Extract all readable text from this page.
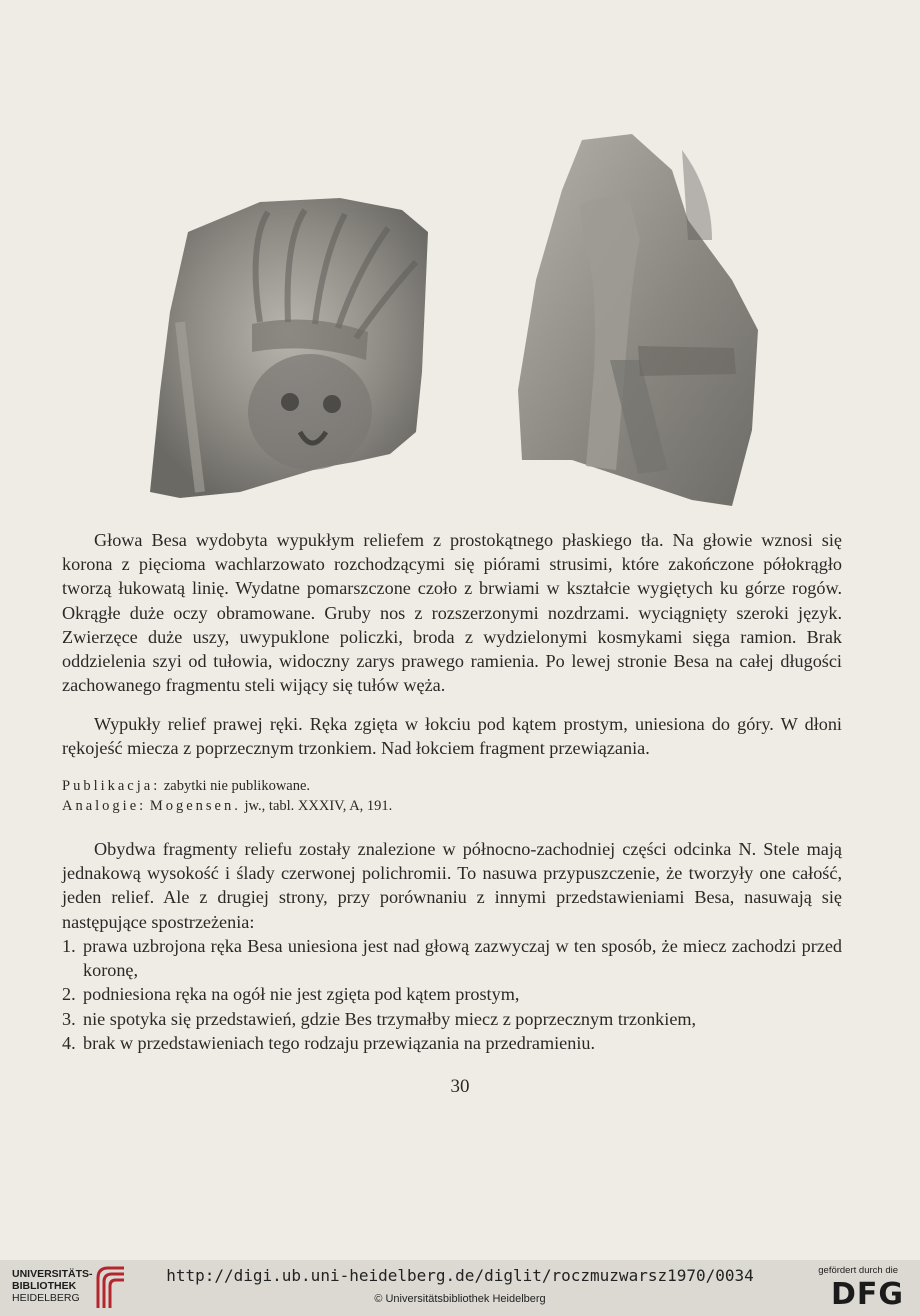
Głowa Besa wydobyta wypukłym reliefem z prostokątnego płaskiego tła. Na głowie wznosi się korona z pięcioma wachlarzowato rozchodzącymi się piórami strusimi, które zakończone półokrągło tworzą łukowatą linię. Wydatne pomarszczone czoło z brwiami w kształcie wygiętych ku górze rogów. Okrągłe duże oczy obramowane. Gruby nos z rozszerzonymi nozdrzami. wyciągnięty szeroki język. Zwierzęce duże uszy, uwypuklone policzki, broda z wydzielonymi kosmykami sięga ramion. Brak oddzielenia szyi od tułowia, widoczny zarys prawego ramienia. Po lewej stronie Besa na całej długości zachowanego fragmentu steli wijący się tułów węża.

Wypukły relief prawej ręki. Ręka zgięta w łokciu pod kątem prostym, uniesiona do góry. W dłoni rękojeść miecza z poprzecznym trzonkiem. Nad łokciem fragment przewiązania.

Publikacja: zabytki nie publikowane.
Analogie: Mogensen. jw., tabl. XXXIV, A, 191.

Obydwa fragmenty reliefu zostały znalezione w północno-zachodniej części odcinka N. Stele mają jednakową wysokość i ślady czerwonej polichromii. To nasuwa przypuszczenie, że tworzyły one całość, jeden relief. Ale z drugiej strony, przy porównaniu z innymi przedstawieniami Besa, nasuwają się następujące spostrzeżenia:

1. prawa uzbrojona ręka Besa uniesiona jest nad głową zazwyczaj w ten sposób, że miecz zachodzi przed koronę,
2. podniesiona ręka na ogół nie jest zgięta pod kątem prostym,
3. nie spotyka się przedstawień, gdzie Bes trzymałby miecz z poprzecznym trzonkiem,
4. brak w przedstawieniach tego rodzaju przewiązania na przedramieniu.
30
UNIVERSITÄTS-
BIBLIOTHEK
HEIDELBERG
http://digi.ub.uni-heidelberg.de/diglit/roczmuzwarsz1970/0034
© Universitätsbibliothek Heidelberg
gefördert durch die
DFG
